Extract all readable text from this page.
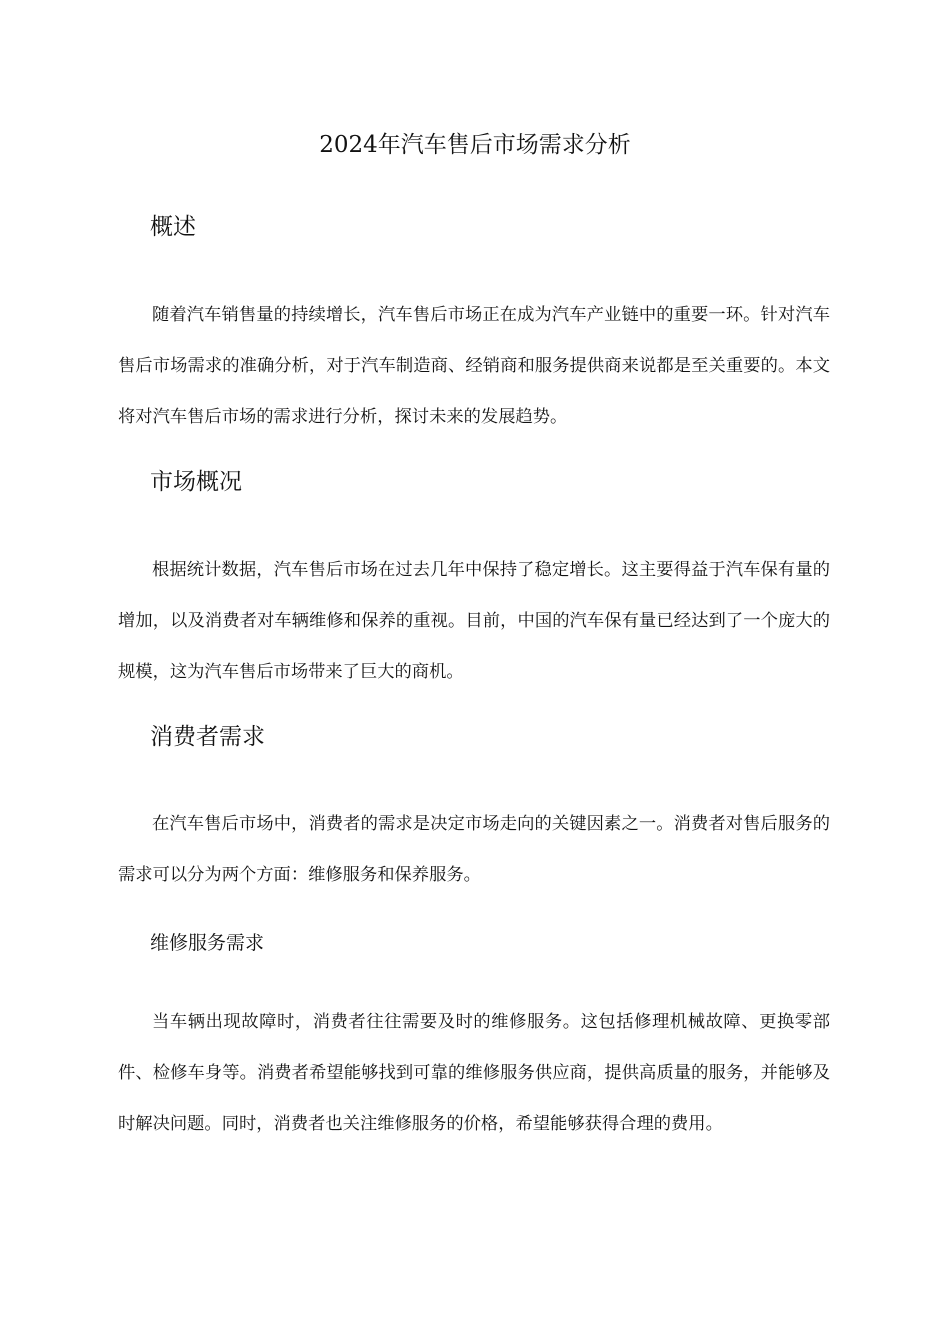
2024年汽车售后市场需求分析
概述

随着汽车销售量的持续增长，汽车售后市场正在成为汽车产业链中的重要一环。针对汽车售后市场需求的准确分析，对于汽车制造商、经销商和服务提供商来说都是至关重要的。本文将对汽车售后市场的需求进行分析，探讨未来的发展趋势。

市场概况

根据统计数据，汽车售后市场在过去几年中保持了稳定增长。这主要得益于汽车保有量的增加，以及消费者对车辆维修和保养的重视。目前，中国的汽车保有量已经达到了一个庞大的规模，这为汽车售后市场带来了巨大的商机。

消费者需求

在汽车售后市场中，消费者的需求是决定市场走向的关键因素之一。消费者对售后服务的需求可以分为两个方面：维修服务和保养服务。

维修服务需求

当车辆出现故障时，消费者往往需要及时的维修服务。这包括修理机械故障、更换零部件、检修车身等。消费者希望能够找到可靠的维修服务供应商，提供高质量的服务，并能够及时解决问题。同时，消费者也关注维修服务的价格，希望能够获得合理的费用。
